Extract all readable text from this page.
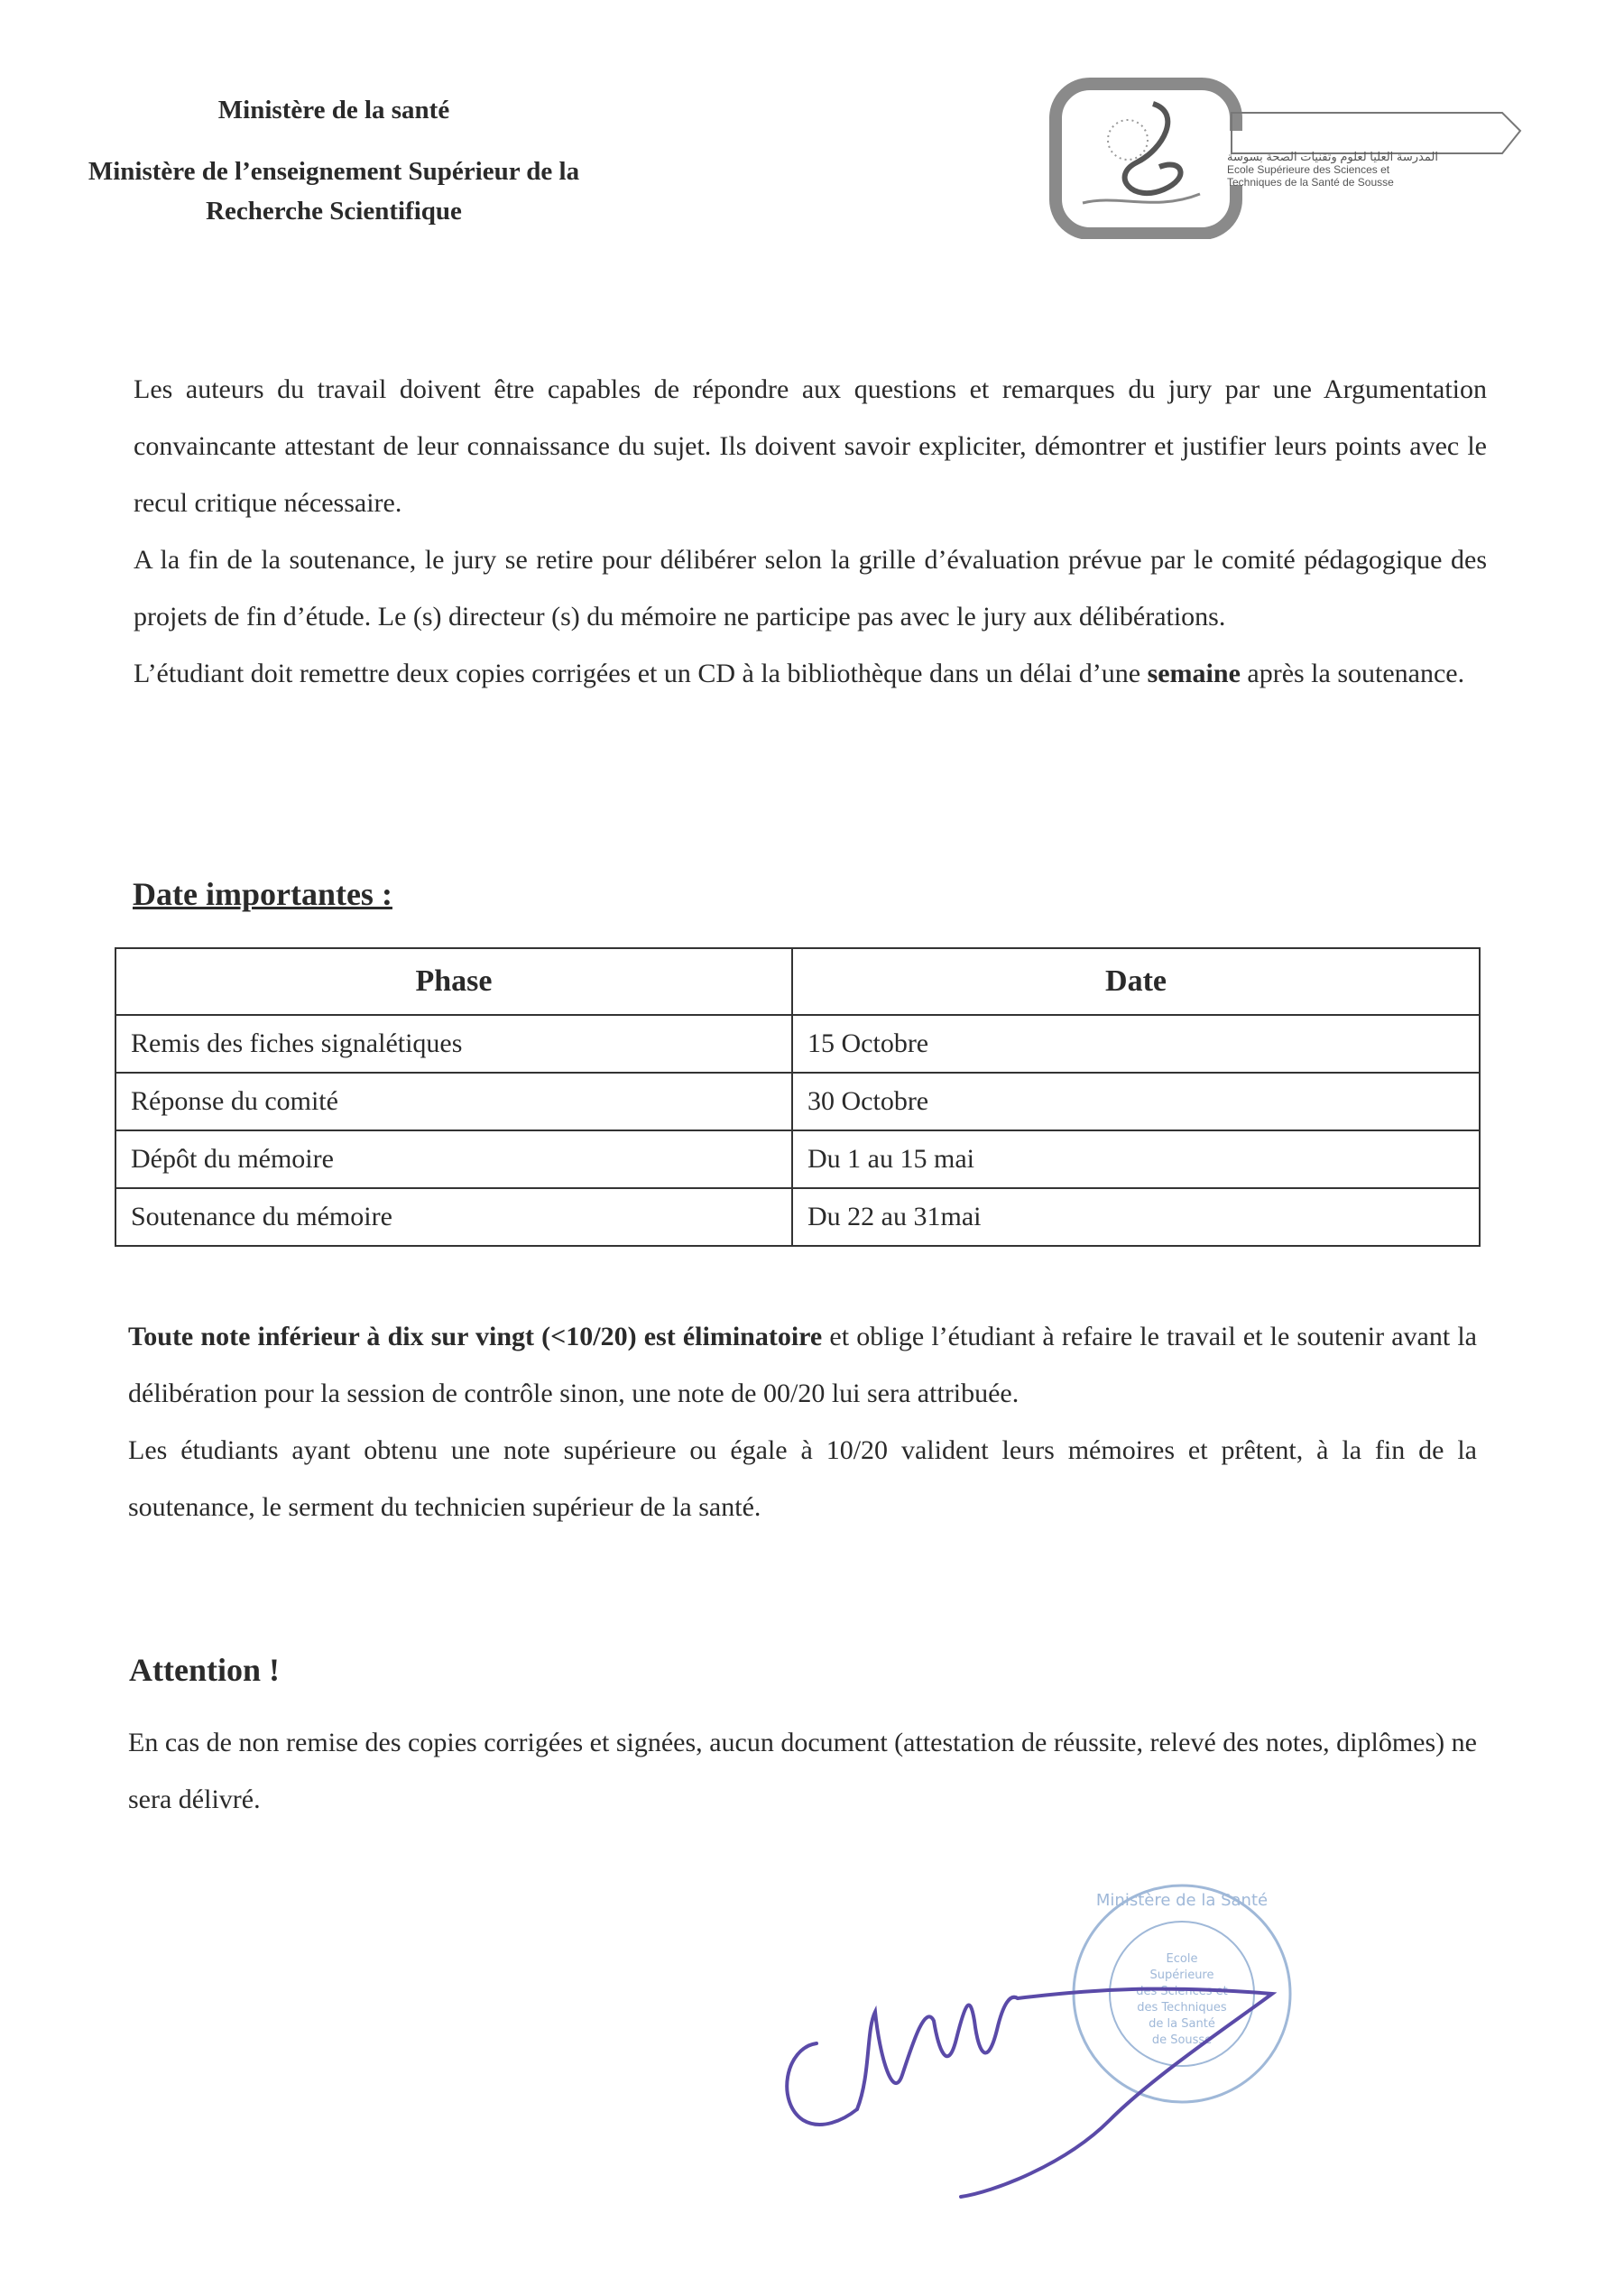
Ministère de la santé
Ministère de l’enseignement Supérieur de la
Recherche Scientifique
المدرسة العليا لعلوم وتقنيات الصحة بسوسة
Ecole Supérieure des Sciences et
Techniques de la Santé de Sousse

Les auteurs du travail doivent être capables de répondre aux questions et remarques du jury par une Argumentation convaincante attestant de leur connaissance du sujet. Ils doivent savoir expliciter, démontrer et justifier leurs points avec le recul critique nécessaire.

A la fin de la soutenance, le jury se retire pour délibérer selon la grille d’évaluation prévue par le comité pédagogique des projets de fin d’étude. Le (s) directeur (s) du mémoire ne participe pas avec le jury aux délibérations.

L’étudiant doit remettre deux copies corrigées et un CD à la bibliothèque dans un délai d’une semaine après la soutenance.

Date importantes :
Phase	Date
Remis des fiches signalétiques	15 Octobre
Réponse du comité	30 Octobre
Dépôt du mémoire	Du 1 au 15 mai
Soutenance du mémoire	Du 22 au 31mai

Toute note inférieur à dix sur vingt (<10/20) est éliminatoire et oblige l’étudiant à refaire le travail et le soutenir avant la délibération pour la session de contrôle sinon, une note de 00/20 lui sera attribuée.

Les étudiants ayant obtenu une note supérieure ou égale à 10/20 valident leurs mémoires et prêtent, à la fin de la soutenance, le serment du technicien supérieur de la santé.

Attention !

En cas de non remise des copies corrigées et signées, aucun document (attestation de réussite, relevé des notes, diplômes) ne sera délivré.

Ecole
Supérieure
des Sciences et
des Techniques
de la Santé
de Sousse
Ministère de la Santé
